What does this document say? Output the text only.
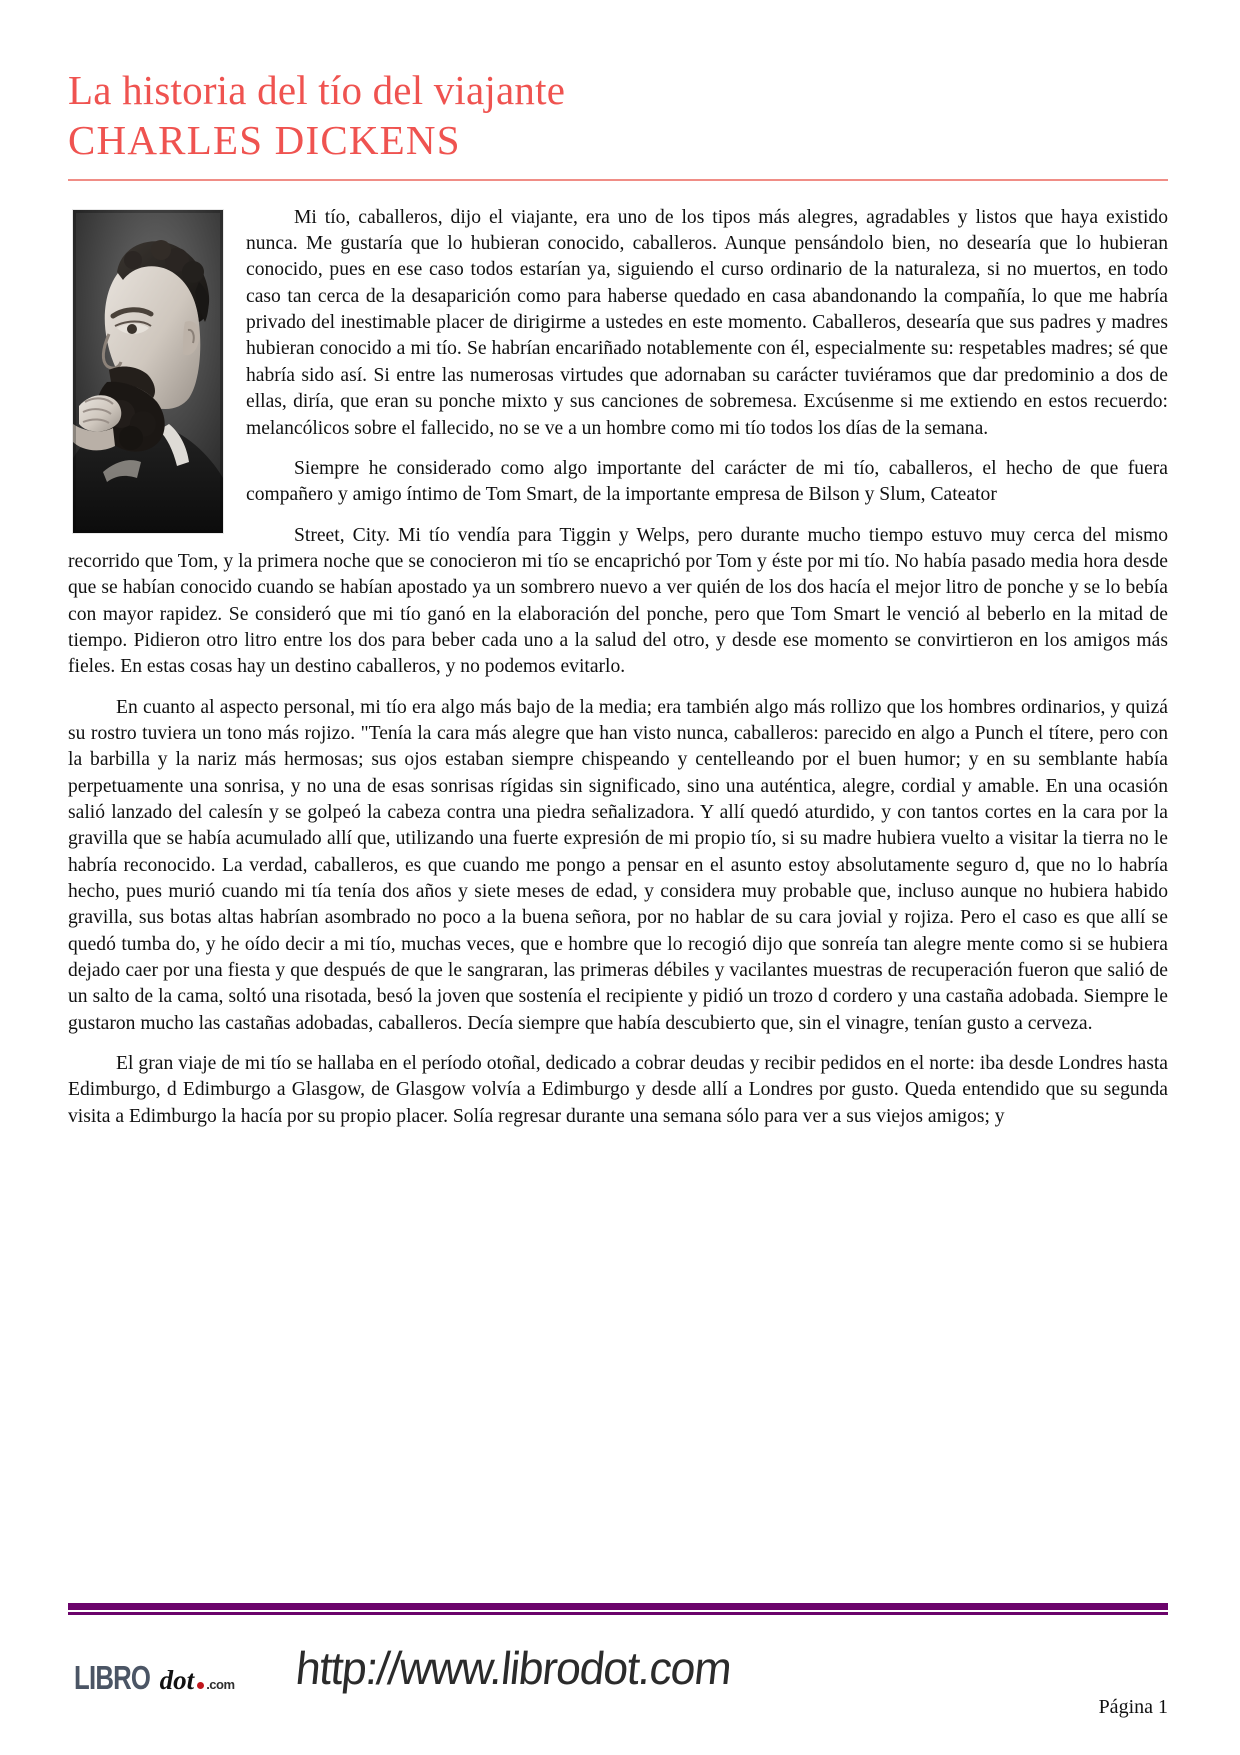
La historia del tío del viajante
CHARLES DICKENS

Mi tío, caballeros, dijo el viajante, era uno de los tipos más alegres, agradables y listos que haya existido nunca. Me gustaría que lo hubieran conocido, caballeros. Aunque pensándolo bien, no desearía que lo hubieran conocido, pues en ese caso todos estarían ya, siguiendo el curso ordinario de la naturaleza, si no muertos, en todo caso tan cerca de la desaparición como para haberse quedado en casa abandonando la compañía, lo que me habría privado del inestimable placer de dirigirme a ustedes en este momento. Caballeros, desearía que sus padres y madres hubieran conocido a mi tío. Se habrían encariñado notablemente con él, especialmente su: respetables madres; sé que habría sido así. Si entre las numerosas virtudes que adornaban su carácter tuviéramos que dar predominio a dos de ellas, diría, que eran su ponche mixto y sus canciones de sobremesa. Excúsenme si me extiendo en estos recuerdo: melancólicos sobre el fallecido, no se ve a un hombre como mi tío todos los días de la semana.

Siempre he considerado como algo importante del carácter de mi tío, caballeros, el hecho de que fuera compañero y amigo íntimo de Tom Smart, de la importante empresa de Bilson y Slum, Cateator

Street, City. Mi tío vendía para Tiggin y Welps, pero durante mucho tiempo estuvo muy cerca del mismo recorrido que Tom, y la primera noche que se conocieron mi tío se encaprichó por Tom y éste por mi tío. No había pasado media hora desde que se habían conocido cuando se habían apostado ya un sombrero nuevo a ver quién de los dos hacía el mejor litro de ponche y se lo bebía con mayor rapidez. Se consideró que mi tío ganó en la elaboración del ponche, pero que Tom Smart le venció al beberlo en la mitad de tiempo. Pidieron otro litro entre los dos para beber cada uno a la salud del otro, y desde ese momento se convirtieron en los amigos más fieles. En estas cosas hay un destino caballeros, y no podemos evitarlo.

En cuanto al aspecto personal, mi tío era algo más bajo de la media; era también algo más rollizo que los hombres ordinarios, y quizá su rostro tuviera un tono más rojizo. "Tenía la cara más alegre que han visto nunca, caballeros: parecido en algo a Punch el títere, pero con la barbilla y la nariz más hermosas; sus ojos estaban siempre chispeando y centelleando por el buen humor; y en su semblante había perpetuamente una sonrisa, y no una de esas sonrisas rígidas sin significado, sino una auténtica, alegre, cordial y amable. En una ocasión salió lanzado del calesín y se golpeó la cabeza contra una piedra señalizadora. Y allí quedó aturdido, y con tantos cortes en la cara por la gravilla que se había acumulado allí que, utilizando una fuerte expresión de mi propio tío, si su madre hubiera vuelto a visitar la tierra no le habría reconocido. La verdad, caballeros, es que cuando me pongo a pensar en el asunto estoy absolutamente seguro d, que no lo habría hecho, pues murió cuando mi tía tenía dos años y siete meses de edad, y considera muy probable que, incluso aunque no hubiera habido gravilla, sus botas altas habrían asombrado no poco a la buena señora, por no hablar de su cara jovial y rojiza. Pero el caso es que allí se quedó tumba do, y he oído decir a mi tío, muchas veces, que e hombre que lo recogió dijo que sonreía tan alegre mente como si se hubiera dejado caer por una fiesta y que después de que le sangraran, las primeras débiles y vacilantes muestras de recuperación fueron que salió de un salto de la cama, soltó una risotada, besó la joven que sostenía el recipiente y pidió un trozo d cordero y una castaña adobada. Siempre le gustaron mucho las castañas adobadas, caballeros. Decía siempre que había descubierto que, sin el vinagre, tenían gusto a cerveza.

El gran viaje de mi tío se hallaba en el período otoñal, dedicado a cobrar deudas y recibir pedidos en el norte: iba desde Londres hasta Edimburgo, d Edimburgo a Glasgow, de Glasgow volvía a Edimburgo y desde allí a Londres por gusto. Queda entendido que su segunda visita a Edimburgo la hacía por su propio placer. Solía regresar durante una semana sólo para ver a sus viejos amigos; y

LIBRO dot .com http://www.librodot.com
Página 1
